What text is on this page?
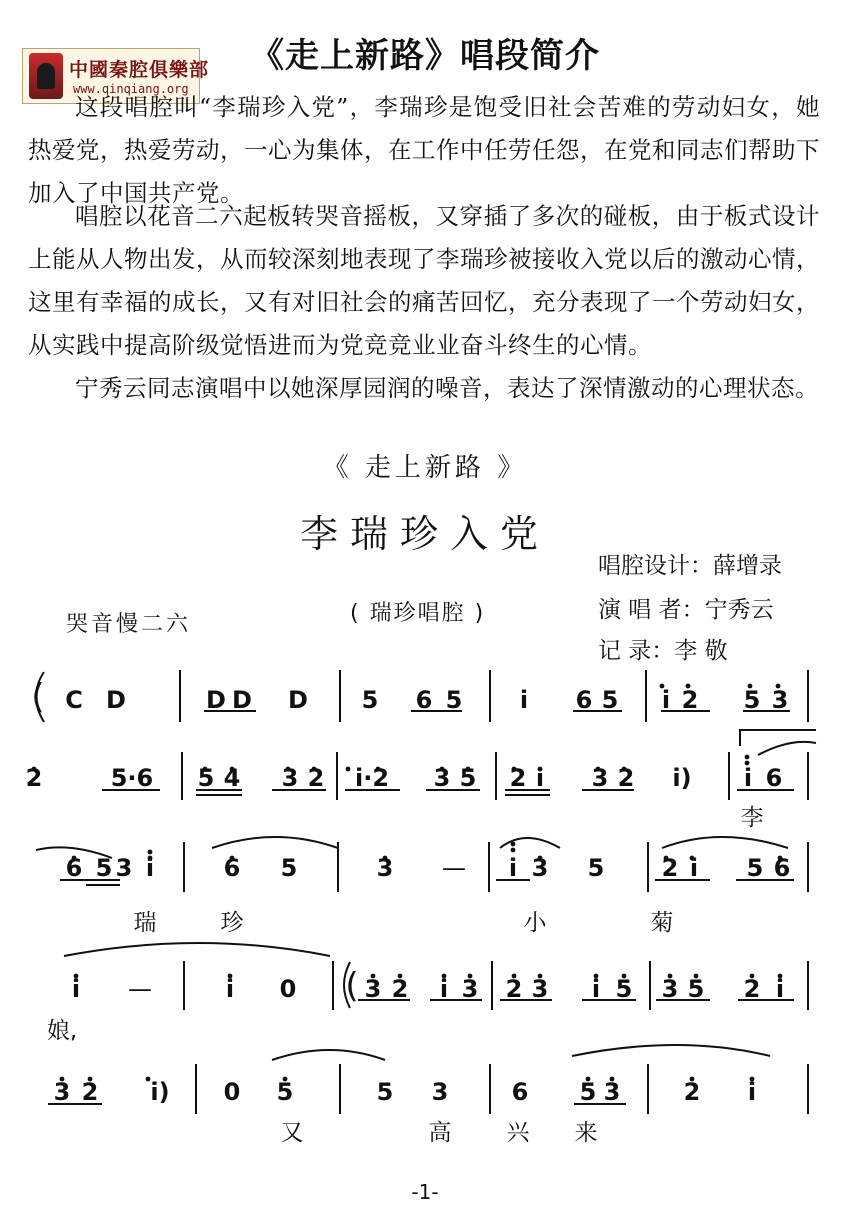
中國秦腔俱樂部
www.qinqiang.org
《走上新路》唱段简介
这段唱腔叫“李瑞珍入党”，李瑞珍是饱受旧社会苦难的劳动妇女，她热爱党，热爱劳动，一心为集体，在工作中任劳任怨，在党和同志们帮助下加入了中国共产党。
唱腔以花音二六起板转哭音摇板，又穿插了多次的碰板，由于板式设计上能从人物出发，从而较深刻地表现了李瑞珍被接收入党以后的激动心情，这里有幸福的成长，又有对旧社会的痛苦回忆，充分表现了一个劳动妇女，从实践中提高阶级觉悟进而为党竞竞业业奋斗终生的心情。
宁秀云同志演唱中以她深厚园润的噪音，表达了深情激动的心理状态。
《 走上新路 》
李瑞珍入党
唱腔设计：薛增录
演 唱 者：宁秀云
记 录：李 敬
( 瑞珍唱腔 )
哭音慢二六
( C D	D D D 5 6 5 i 6 5 i 2 5 3
2	5·6 5 4 3 2 i·2 3 5 2 i 3 2 i) i 6
6 5 3 i	6 5	3 — i 3 5 2 i 5 6
i —	i 0 ( 3 2 i 3 2 3 i 5 3 5 2 i
3 2 i) 0 5	5 3	6 5 3	2 i
李
瑞	珍	小	菊
娘,
又	高 兴 来
-1-
